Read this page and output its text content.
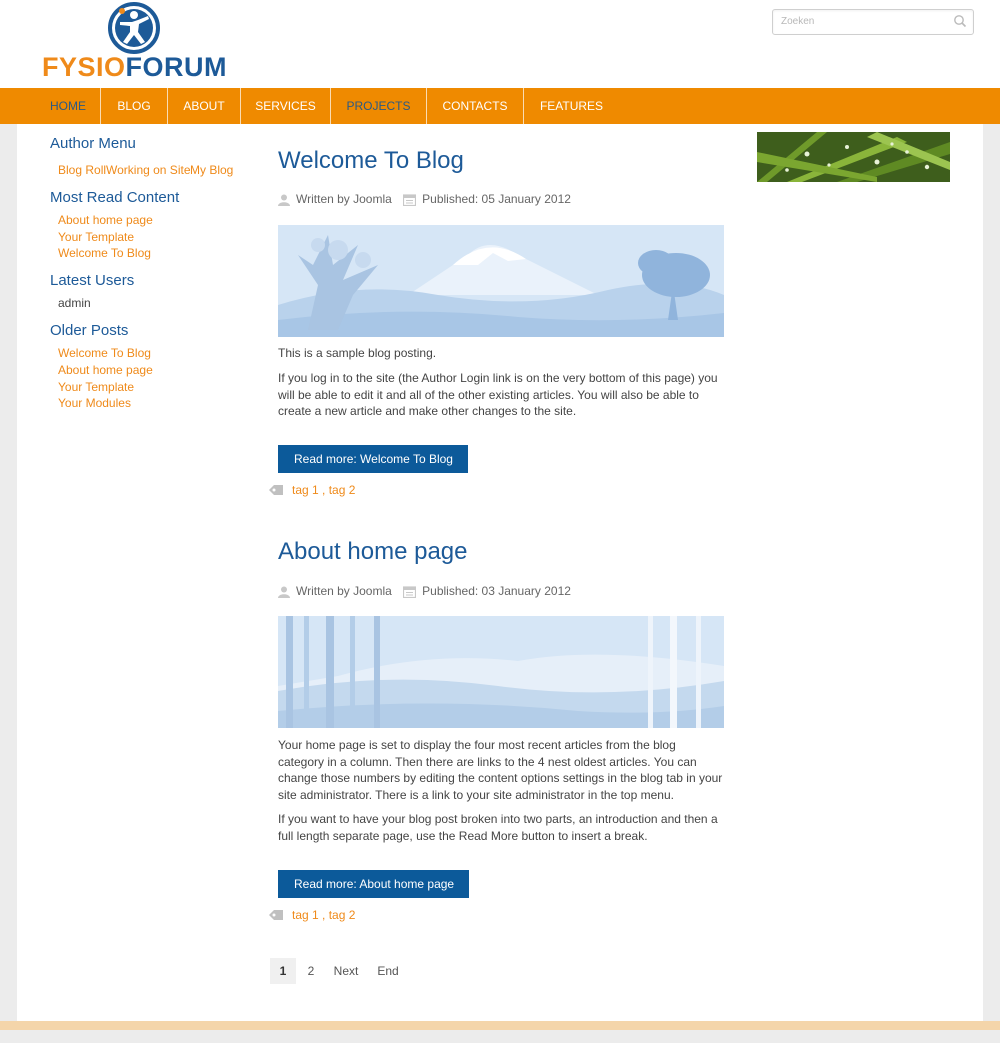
FYSIOFORUM
Zoeken
HOME	BLOG	ABOUT	SERVICES	PROJECTS	CONTACTS	FEATURES
Author Menu
Blog Roll Working on Site My Blog
Most Read Content
About home page
Your Template
Welcome To Blog
Latest Users
admin
Older Posts
Welcome To Blog
About home page
Your Template
Your Modules
Welcome To Blog
Written by Joomla	Published: 05 January 2012

This is a sample blog posting.

If you log in to the site (the Author Login link is on the very bottom of this page) you will be able to edit it and all of the other existing articles. You will also be able to create a new article and make other changes to the site.

Read more: Welcome To Blog
tag 1 , tag 2
About home page
Written by Joomla	Published: 03 January 2012

Your home page is set to display the four most recent articles from the blog category in a column. Then there are links to the 4 nest oldest articles. You can change those numbers by editing the content options settings in the blog tab in your site administrator. There is a link to your site administrator in the top menu.

If you want to have your blog post broken into two parts, an introduction and then a full length separate page, use the Read More button to insert a break.

Read more: About home page
tag 1 , tag 2
1	2	Next	End
